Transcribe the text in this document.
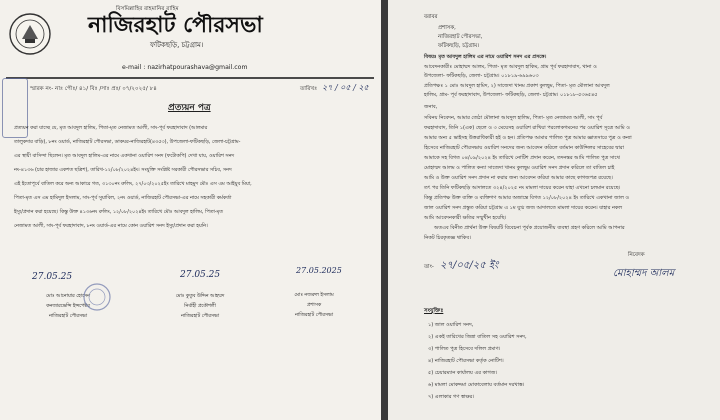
বিসমিল্লাহির রাহমানির রাহিম
নাজিরহাট পৌরসভা
ফটিকছড়ি, চট্টগ্রাম।
e-mail : nazirhatpourashava@gmail.com
স্মারক নং- নাঃ পৌঃ/ ৪১/ বিঃ /সাঃ প্রঃ/ ০৭/২০২৫/ ৮৪	তারিখঃ ২৭ / ০৫ / ২৫
প্রত্যয়ন পত্র
প্রত্যয়ন করা যাচ্ছে যে, মৃত আবদুল হালিম, পিতা-মৃত নেজামত আলী, সাং-পূর্ব ফরহাদাবাদ (আলমার
তালুকদার বাড়ি), ৮নং ওয়ার্ড, নাজিরহাট পৌরসভা, ডাকঘর-নাজিরহাট(৪৩৫৩), উপজেলা-ফটিকছড়ি, জেলা-চট্টগ্রাম-
এর স্থায়ী বাসিন্দা ছিলেন। মৃত আবদুল হালিম-এর নামে একখানা ওয়ারিশ সনদ (ফটোকপি) দেখা যায়, ওয়ারিশ সনদ
নং-৪১৩৬ (চার হাজার একশত ছত্রিশ), তারিখ-১২/০৮/২০২৪ইং। সংযুক্তি সংশ্লিষ্ট সরকারী পৌরসভার সচিব, সনদ
এই ইতোপূর্বে বাতিল করে অন্য আকারে গত, ৩১৩০নং রুলিং, ২৭/০৩/২০২৫ইং তারিখে মাহমুদ মৌঃ এস এম আইয়ুব মিয়া,
পিতা-মৃত এস এম হামিদুল ইসলাম, সাং-পূর্ব সুয়াবিল, ২নং ওয়ার্ড, নাজিরহাট পৌরসভা-এর নামে সহকারী কর্মকর্তা
ইস্যু/প্রদান করা হয়েছে। কিন্তু উক্ত ৪১৩৬নং রুলিং, ১২/০৮/২০২৪ইং তারিখে মৌঃ আবদুল হালিম, পিতা-মৃত
নেজামত আলী, সাং-পূর্ব ফরহাদাবাদ, ৮নং ওয়ার্ড-এর নামে কোন ওয়ারিশ সনদ ইস্যু/প্রদান করা হয়নি।
27.05.25
মোঃ আনোয়ার হোসেন
কনজারভেন্সি ইন্সপেক্টর
নাজিরহাট পৌরসভা
27.05.25
মোঃ কুতুব উদ্দিন আহম্মদ
নির্বাহী প্রকৌশলী
নাজিরহাট পৌরসভা
27.05.2025
মোঃ নজরুল ইসলাম
প্রশাসক
নাজিরহাট পৌরসভা
বরাবর
প্রশাসক,
নাজিরহাট পৌরসভা,
ফটিকছড়ি, চট্টগ্রাম।
বিষয়ঃ মৃত আবদুল হালিম এর নামে ওয়ারিশ সনদ এর প্রসঙ্গে।
আবেদনকারীঃ মোহাম্মদ আলম, পিতা- মৃত আবদুল হাকিম, গ্রাম পূর্ব ফরহাদাবাদ, থানা ও
উপজেলা- ফটিকছড়ি, জেলা- চট্টগ্রাম। ০১৮১৯-৬৯৯৬০৩
প্রতিপক্ষঃ ১ মোঃ আবদুল হামিদ, ২) সাজেদা খানম প্রকাশ কুলছুম, পিতা- মৃত মৌলানা আবদুল
হালিম, গ্রাম- পূর্ব ফরহাদাবাদ, উপজেলা- ফটিকছড়ি, জেলা- চট্টগ্রাম। ০১৮১৮-৫৩৬৫৪৫
জনাব,
সবিনয় নিবেদন, আমার জেঠা মৌলানা আবদুল হালিম, পিতা- মৃত নেজামত আলী, সাং পূর্ব
ফরহাদাবাদ, তিনি ১(এক) ছেলে ও ৩ মেয়েসহ ওয়ারিশ রাখিয়া পরলোকগমনের পর ওয়ারিশ সূত্রে আমি ও
আমার অন্য ৫ ভাইসহ উত্তরাধিকারী হই ও হন। প্রতিপক্ষ আমার পালিত পুত্র আমার জ্ঞাতসারে পুত্র ও কন্যা
হিসেবে নাজিরহাট পৌরসভায় ওয়ারিশ সনদের জন্য আবেদন করিলে বর্তমান কাউন্সিলর সাহেবের দ্বারা
আমাকে সহ বিগত ০৪/০৯/২০২৪ ইং তারিখে নোটিশ প্রদান করেন, তদনন্তর আমি পালিত পুত্র সাথে
মোহাম্মদ আলম ও পালিত কন্যা সাজেদা খানম কুলছুম ওয়ারিশ সনদ প্রদান করিলে তা বাতিল চাই
আমি ও উক্ত ওয়ারিশ সনদ প্রদান না করার জন্য আবেদন করিয়া আমার কাছে কাগজপত্র রয়েছে।
তৎ পর তিনি ফটিকছড়ি আদালতে ৩২৪/২০২৫ নং মামলা দায়ের করেন যাহা এখনো চলমান রয়েছে।
কিন্তু প্রতিপক্ষ উক্ত ব্যক্তি ও ব্যক্তিগণ আমার অজান্তে বিগত ১২/০৮/২০২৪ ইং তারিখে একখানা জাল ও
জাল ওয়ারিশ সনদ প্রস্তুত করিয়া চট্টগ্রাম এ ১ম যুগ্ম জজ আদালতে মামলা দায়ের করেন। যাহার নকল
আমি আবেদনকারী ক্ষতির সম্মুখীন হয়েছি।
অতএব বিনীত প্রার্থনা উক্ত বিষয়টি বিবেচনা পূর্বক প্রয়োজনীয় ব্যবস্থা গ্রহণ করিলে আমি আপনার
নিকট চিরকৃতজ্ঞ থাকিব।
নিবেদক
তাং- ২৭/০৫/২৫ ইং
মোহাম্মদ আলম
সংযুক্তিঃ
১) জাল ওয়ারিশ সনদ,
২) একই তারিখের জিন্না বাতিল সহ ওয়ারিশ সনদ,
৩) পালিত পুত্র হিসেবে দলিল প্রমাণ।
৪) নাজিরহাট পৌরসভা কর্তৃক নোটিশ।
৫) চেয়ারম্যান কার্যালয় এর কাগজ।
৬) মামলা মোকদ্দমা মোকাবেলায় বর্তমান দরখাস্ত।
৭) এলাকার গণ স্বাক্ষর।
